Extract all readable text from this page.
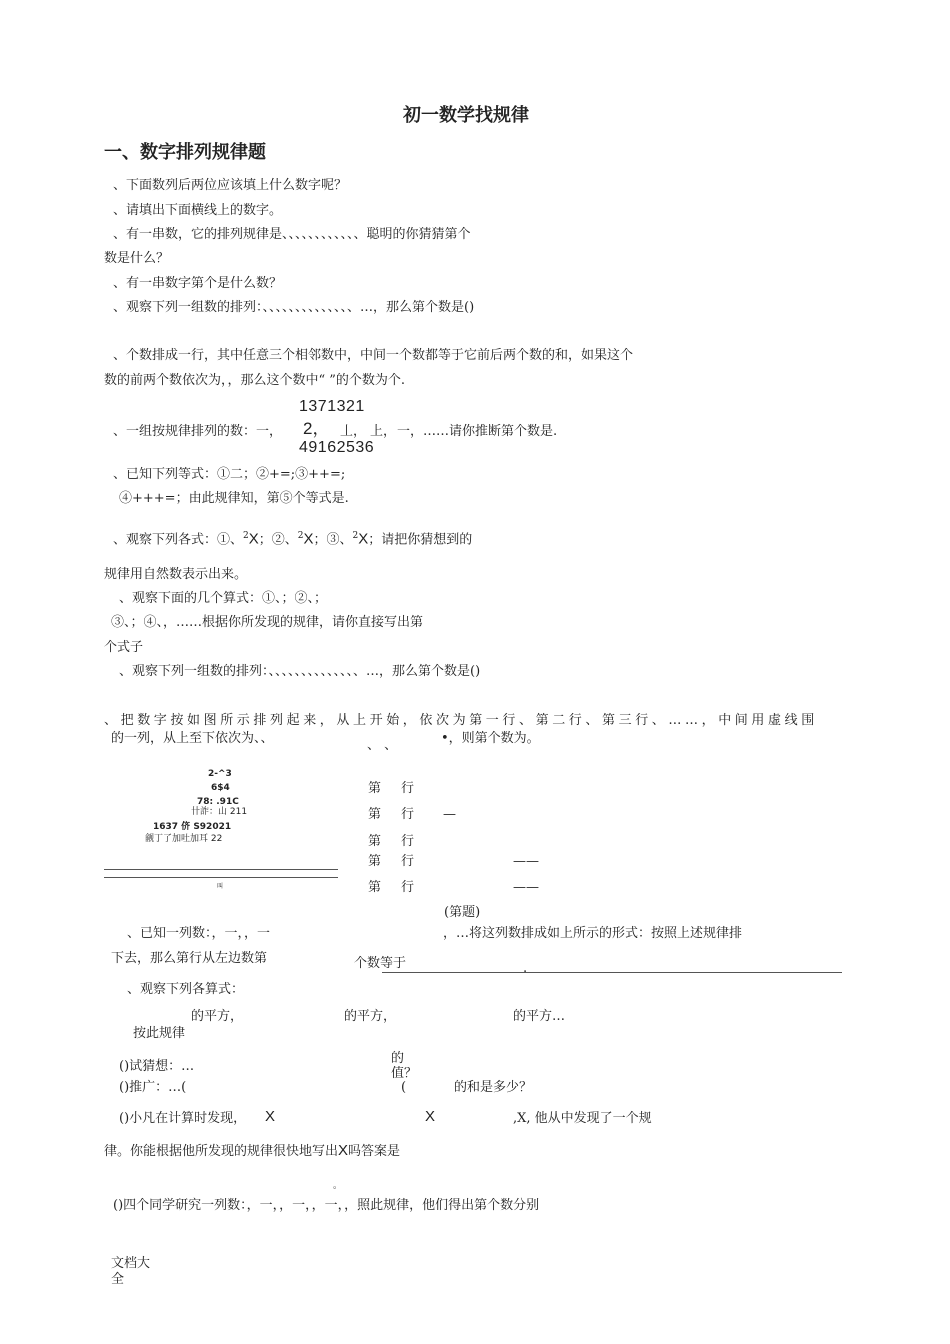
初一数学找规律
一、数字排列规律题
、下面数列后两位应该填上什么数字呢？
、请填出下面横线上的数字。
、有一串数，它的排列规律是、、、、、、、、、、、、聪明的你猜猜第个
数是什么？
、有一串数字第个是什么数？
、观察下列一组数的排列：、、、、、、、、、、、、、、…，那么第个数是()
、个数排成一行，其中任意三个相邻数中，中间一个数都等于它前后两个数的和，如果这个
数的前两个数依次为，，那么这个数中“ ”的个数为个.
1371321
、一组按规律排列的数：一， 2， 丄， 上， 一，……请你推断第个数是.
49162536
、已知下列等式：①二；②+=;③++=;
④+++=；由此规律知，第⑤个等式是.
、观察下列各式：①、$^2$X；②、$^2$X；③、$^2$X；请把你猜想到的
规律用自然数表示出来。
、观察下面的几个算式：①、；②、；
③、；④、，……根据你所发现的规律，请你直接写出第
个式子
、观察下列一组数的排列：、、、、、、、、、、、、、、…，那么第个数是()
、把数字按如图所示排列起来，从上开始，依次为第一行、第二行、第三行、……，中间用虚线围
的一列，从上至下依次为、、	、 、	•，则第个数为。
2-^3
6$4
78: .91C
卄詐：山 211
1637 侪 S92021
觎丁了加吐加耳 22
叫
第 行
第 行 —
第 行
第 行	——
第 行	——
(第题)
、已知一列数：，一，，一	，…将这列数排成如上所示的形式：按照上述规律排
下去，那么第行从左边数第	个数等于	.
、观察下列各算式：
的平方，	的平方，	的平方…
按此规律
()试猜想：…
的
值？
()推广：…(	(	的和是多少？
()小凡在计算时发现， X	X	,X, 他从中发现了一个规
律。你能根据他所发现的规律很快地写出X吗答案是
。
()四个同学研究一列数：，一，，一，，一，，照此规律，他们得出第个数分别
文档大
全
